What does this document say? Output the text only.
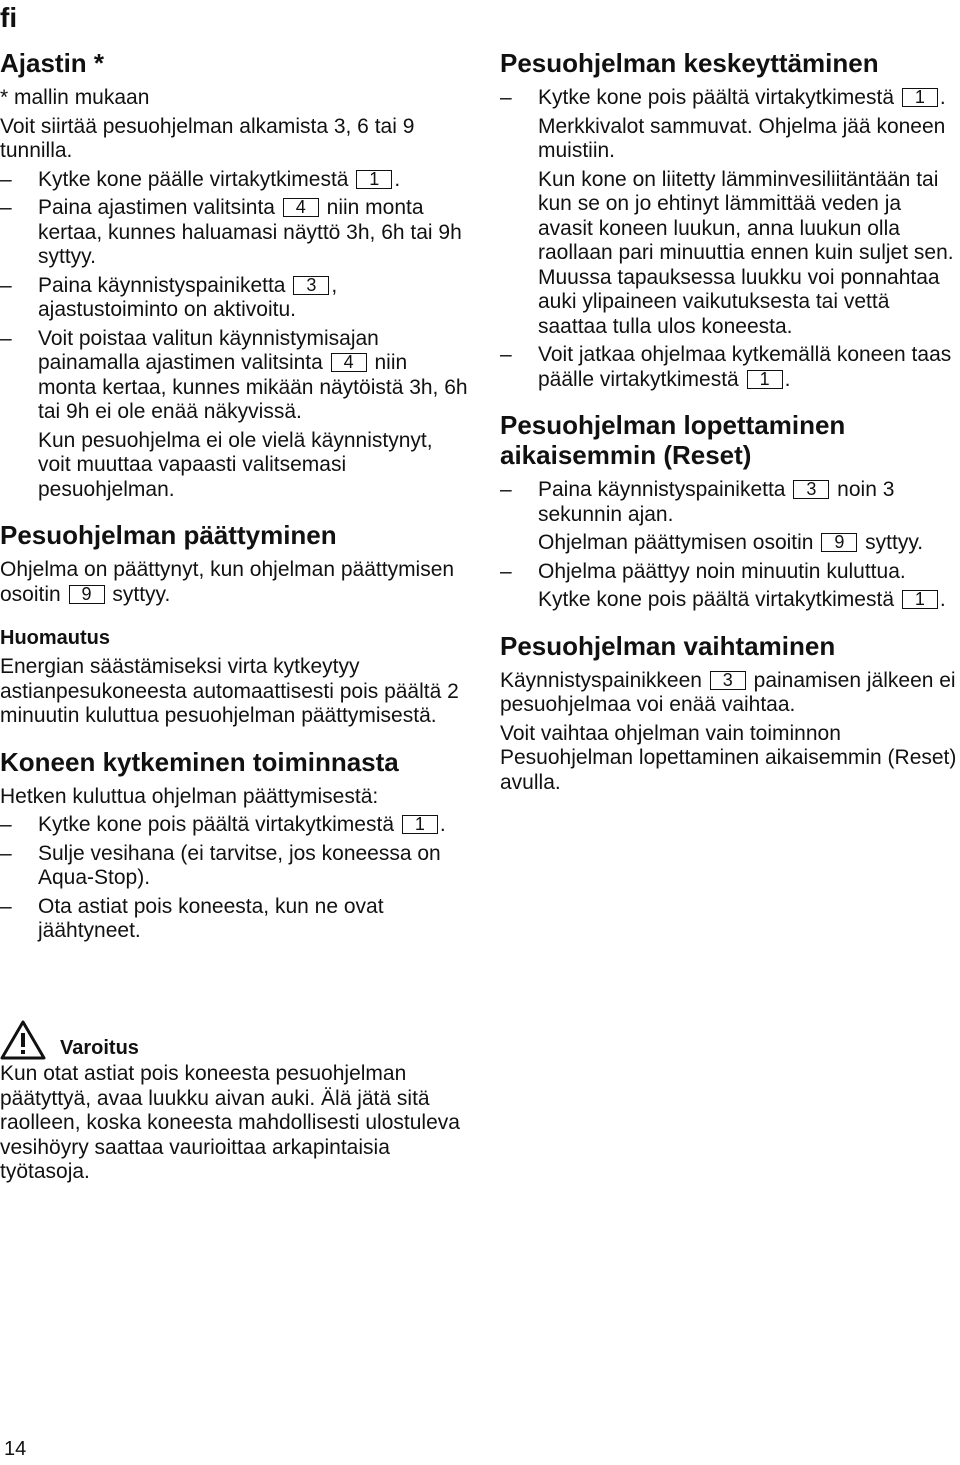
fi
Ajastin *

* mallin mukaan

Voit siirtää pesuohjelman alkamista 3, 6 tai 9 tunnilla.

– Kytke kone päälle virtakytkimestä 1 .
– Paina ajastimen valitsinta 4 niin monta kertaa, kunnes haluamasi näyttö 3h, 6h tai 9h syttyy.
– Paina käynnistyspainiketta 3 , ajastustoiminto on aktivoitu.
– Voit poistaa valitun käynnistymisajan painamalla ajastimen valitsinta 4 niin monta kertaa, kunnes mikään näytöistä 3h, 6h tai 9h ei ole enää näkyvissä.

Kun pesuohjelma ei ole vielä käynnistynyt, voit muuttaa vapaasti valitsemasi pesuohjelman.

Pesuohjelman päättyminen

Ohjelma on päättynyt, kun ohjelman päättymisen osoitin 9 syttyy.

Huomautus

Energian säästämiseksi virta kytkeytyy astianpesukoneesta automaattisesti pois päältä 2 minuutin kuluttua pesuohjelman päättymisestä.

Koneen kytkeminen toiminnasta

Hetken kuluttua ohjelman päättymisestä:

– Kytke kone pois päältä virtakytkimestä 1 .
– Sulje vesihana (ei tarvitse, jos koneessa on Aqua-Stop).
– Ota astiat pois koneesta, kun ne ovat jäähtyneet.
Varoitus

Kun otat astiat pois koneesta pesuohjelman päätyttyä, avaa luukku aivan auki. Älä jätä sitä raolleen, koska koneesta mahdollisesti ulostuleva vesihöyry saattaa vaurioittaa arkapintaisia työtasoja.

Pesuohjelman keskeyttäminen
– Kytke kone pois päältä virtakytkimestä 1 .

Merkkivalot sammuvat. Ohjelma jää koneen muistiin.

Kun kone on liitetty lämminvesiliitäntään tai kun se on jo ehtinyt lämmittää veden ja avasit koneen luukun, anna luukun olla raollaan pari minuuttia ennen kuin suljet sen. Muussa tapauksessa luukku voi ponnahtaa auki ylipaineen vaikutuksesta tai vettä saattaa tulla ulos koneesta.

– Voit jatkaa ohjelmaa kytkemällä koneen taas päälle virtakytkimestä 1 .
Pesuohjelman lopettaminen aikaisemmin (Reset)
– Paina käynnistyspainiketta 3 noin 3 sekunnin ajan.

Ohjelman päättymisen osoitin 9 syttyy.

– Ohjelma päättyy noin minuutin kuluttua.

Kytke kone pois päältä virtakytkimestä 1 .

Pesuohjelman vaihtaminen

Käynnistyspainikkeen 3 painamisen jälkeen ei pesuohjelmaa voi enää vaihtaa.

Voit vaihtaa ohjelman vain toiminnon Pesuohjelman lopettaminen aikaisemmin (Reset) avulla.

14
